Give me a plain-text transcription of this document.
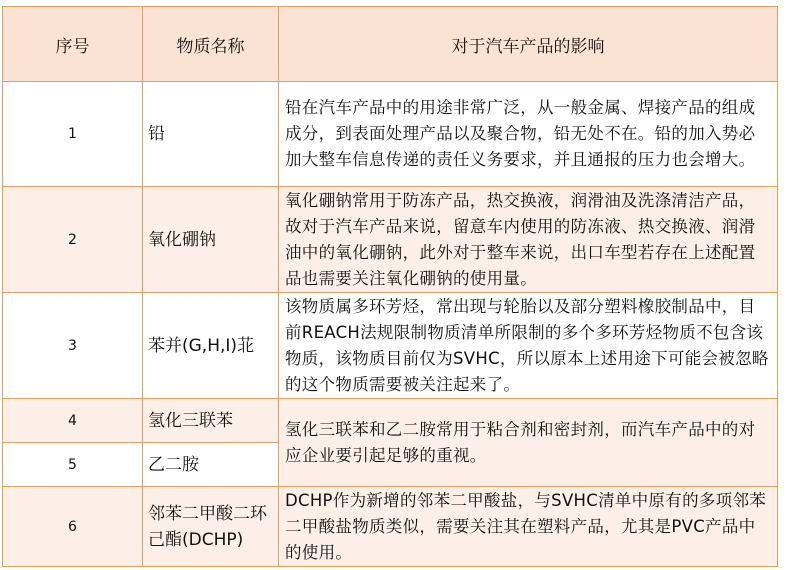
序号	物质名称	对于汽车产品的影响
1	铅	铅在汽车产品中的用途非常广泛，从一般金属、焊接产品的组成成分，到表面处理产品以及聚合物，铅无处不在。铅的加入势必加大整车信息传递的责任义务要求，并且通报的压力也会增大。
2	氧化硼钠	氧化硼钠常用于防冻产品，热交换液，润滑油及洗涤清洁产品，故对于汽车产品来说，留意车内使用的防冻液、热交换液、润滑油中的氧化硼钠，此外对于整车来说，出口车型若存在上述配置品也需要关注氧化硼钠的使用量。
3	苯并(G,H,I)苝	该物质属多环芳烃，常出现与轮胎以及部分塑料橡胶制品中，目前REACH法规限制物质清单所限制的多个多环芳烃物质不包含该物质，该物质目前仅为SVHC，所以原本上述用途下可能会被忽略的这个物质需要被关注起来了。
4	氢化三联苯	氢化三联苯和乙二胺常用于粘合剂和密封剂，而汽车产品中的对应企业要引起足够的重视。
5	乙二胺	
6	邻苯二甲酸二环己酯(DCHP)	DCHP作为新增的邻苯二甲酸盐，与SVHC清单中原有的多项邻苯二甲酸盐物质类似，需要关注其在塑料产品，尤其是PVC产品中的使用。
